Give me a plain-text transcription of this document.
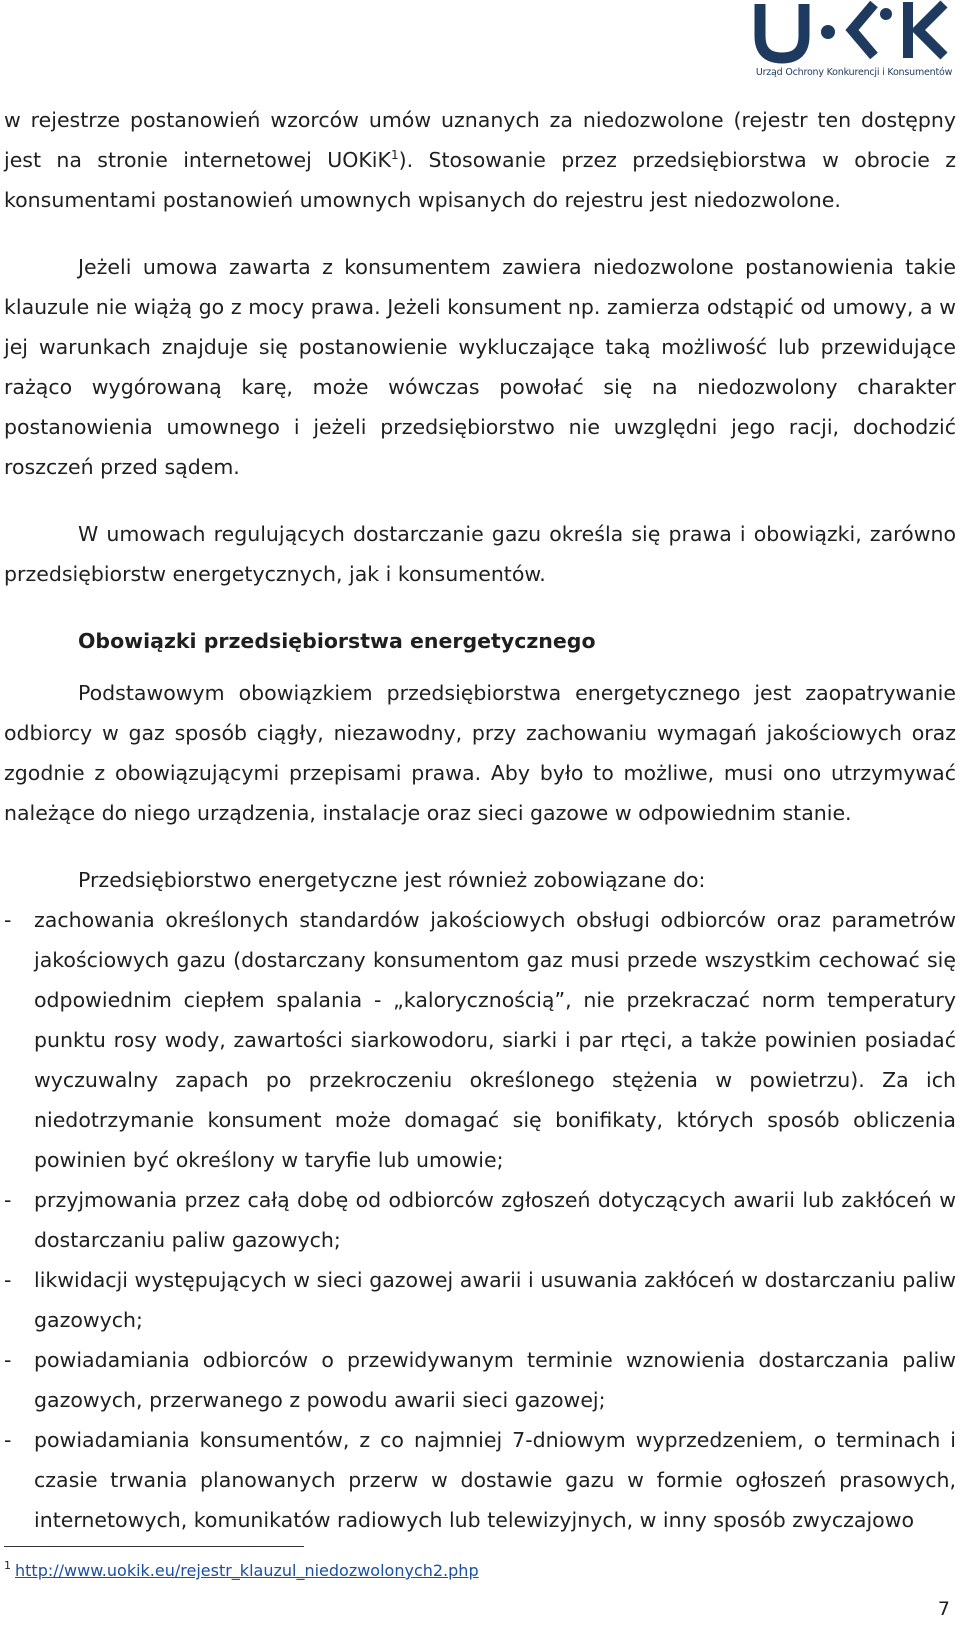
Urząd Ochrony Konkurencji i Konsumentów

w rejestrze postanowień wzorców umów uznanych za niedozwolone (rejestr ten dostępny jest na stronie internetowej UOKiK$^1$). Stosowanie przez przedsiębiorstwa w obrocie z konsumentami postanowień umownych wpisanych do rejestru jest niedozwolone.

Jeżeli umowa zawarta z konsumentem zawiera niedozwolone postanowienia takie klauzule nie wiążą go z mocy prawa. Jeżeli konsument np. zamierza odstąpić od umowy, a w jej warunkach znajduje się postanowienie wykluczające taką możliwość lub przewidujące rażąco wygórowaną karę, może wówczas powołać się na niedozwolony charakter postanowienia umownego i jeżeli przedsiębiorstwo nie uwzględni jego racji, dochodzić roszczeń przed sądem.

W umowach regulujących dostarczanie gazu określa się prawa i obowiązki, zarówno przedsiębiorstw energetycznych, jak i konsumentów.

Obowiązki przedsiębiorstwa energetycznego

Podstawowym obowiązkiem przedsiębiorstwa energetycznego jest zaopatrywanie odbiorcy w gaz sposób ciągły, niezawodny, przy zachowaniu wymagań jakościowych oraz zgodnie z obowiązującymi przepisami prawa. Aby było to możliwe, musi ono utrzymywać należące do niego urządzenia, instalacje oraz sieci gazowe w odpowiednim stanie.

Przedsiębiorstwo energetyczne jest również zobowiązane do:

- zachowania określonych standardów jakościowych obsługi odbiorców oraz parametrów jakościowych gazu (dostarczany konsumentom gaz musi przede wszystkim cechować się odpowiednim ciepłem spalania - „kalorycznością”, nie przekraczać norm temperatury punktu rosy wody, zawartości siarkowodoru, siarki i par rtęci, a także powinien posiadać wyczuwalny zapach po przekroczeniu określonego stężenia w powietrzu). Za ich niedotrzymanie konsument może domagać się bonifikaty, których sposób obliczenia powinien być określony w taryfie lub umowie;
- przyjmowania przez całą dobę od odbiorców zgłoszeń dotyczących awarii lub zakłóceń w dostarczaniu paliw gazowych;
- likwidacji występujących w sieci gazowej awarii i usuwania zakłóceń w dostarczaniu paliw gazowych;
- powiadamiania odbiorców o przewidywanym terminie wznowienia dostarczania paliw gazowych, przerwanego z powodu awarii sieci gazowej;
- powiadamiania konsumentów, z co najmniej 7-dniowym wyprzedzeniem, o terminach i czasie trwania planowanych przerw w dostawie gazu w formie ogłoszeń prasowych, internetowych, komunikatów radiowych lub telewizyjnych, w inny sposób zwyczajowo
$^1$ http://www.uokik.eu/rejestr_klauzul_niedozwolonych2.php
7
